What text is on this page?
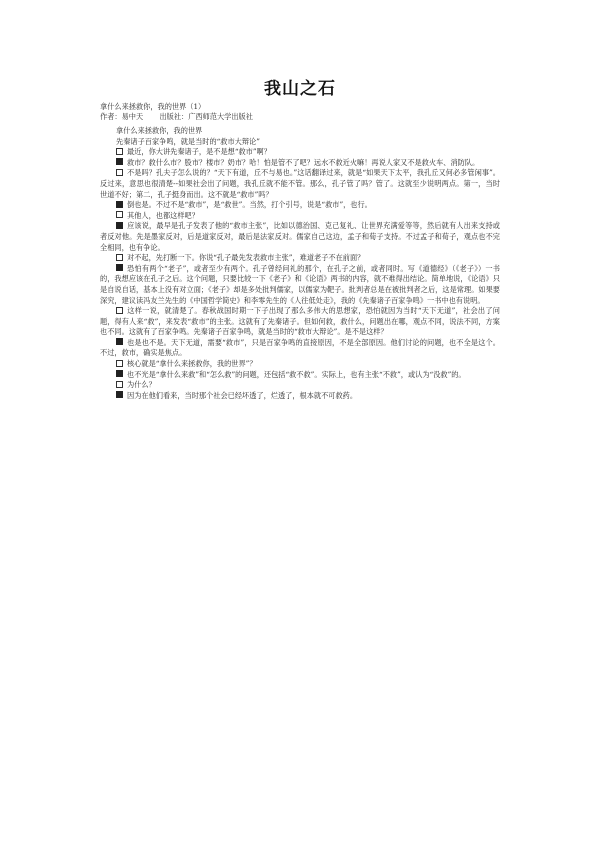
我山之石
拿什么来拯救你，我的世界（1）
作者：易中天 出版社：广西师范大学出版社

拿什么来拯救你，我的世界

先秦诸子百家争鸣，就是当时的“救市大辩论”

最近，你大讲先秦诸子，是不是想“救市”啊？

救市？救什么市？股市？楼市？奶市？哈！怕是管不了吧？远水不救近火嘛！再说人家又不是救火车、消防队。

不是吗？孔夫子怎么说的？“天下有道，丘不与易也。”这话翻译过来，就是“如果天下太平，我孔丘又何必多管闲事”。反过来，意思也很清楚--如果社会出了问题，我孔丘就不能不管。那么，孔子管了吗？管了。这就至少说明两点。第一，当时世道不好；第二，孔子挺身而出。这不就是“救市”吗？

倒也是。不过不是“救市”，是“救世”。当然，打个引号，说是“救市”，也行。

其他人，也都这样吧？

应该说，最早是孔子发表了他的“救市主张”，比如以德治国、克己复礼、让世界充满爱等等，然后就有人出来支持或者反对他。先是墨家反对，后是道家反对，最后是法家反对。儒家自己这边，孟子和荀子支持。不过孟子和荀子，观点也不完全相同，也有争论。

对不起，先打断一下。你说“孔子最先发表救市主张”，难道老子不在前面？

恐怕有两个“老子”，或者至少有两个。孔子曾经问礼的那个，在孔子之前，或者同时。写《道德经》（《老子》）一书的，我想应该在孔子之后。这个问题，只要比较一下《老子》和《论语》两书的内容，就不难得出结论。简单地说，《论语》只是自说自话，基本上没有对立面；《老子》却是多处批判儒家，以儒家为靶子。批判者总是在被批判者之后，这是常理。如果要深究，建议读冯友兰先生的《中国哲学简史》和李零先生的《人往低处走》，我的《先秦诸子百家争鸣》一书中也有说明。

这样一说，就清楚了。春秋战国时期一下子出现了那么多伟大的思想家，恐怕就因为当时“天下无道”，社会出了问题，得有人来“救”，来发表“救市”的主张。这就有了先秦诸子。但如何救，救什么，问题出在哪，观点不同，说法不同，方案也不同。这就有了百家争鸣。先秦诸子百家争鸣，就是当时的“救市大辩论”。是不是这样？

也是也不是。天下无道，需要“救市”，只是百家争鸣的直接原因，不是全部原因。他们讨论的问题，也不全是这个。不过，救市，确实是焦点。

核心就是“拿什么来拯救你，我的世界”？

也不光是“拿什么来救”和“怎么救”的问题，还包括“救不救”。实际上，也有主张“不救”，或认为“没救”的。

为什么？

因为在他们看来，当时那个社会已经坏透了，烂透了，根本就不可救药。
